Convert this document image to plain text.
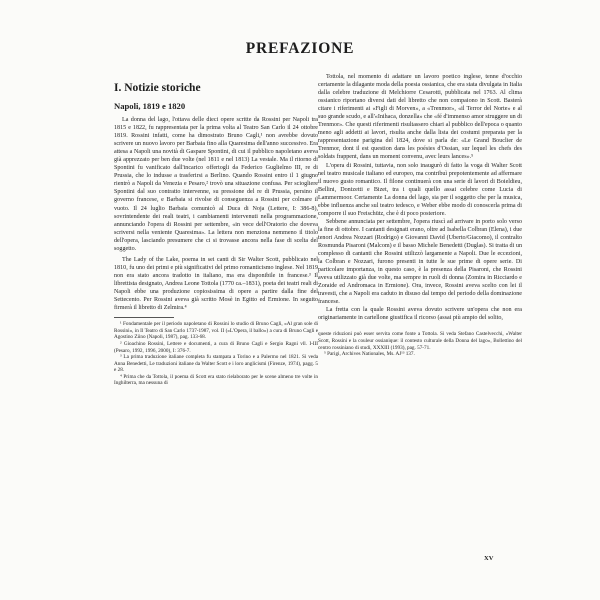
PREFAZIONE
I. Notizie storiche
Napoli, 1819 e 1820

La donna del lago, l'ottava delle dieci opere scritte da Rossini per Napoli tra 1815 e 1822, fu rappresentata per la prima volta al Teatro San Carlo il 24 ottobre 1819. Rossini infatti, come ha dimostrato Bruno Cagli,¹ non avrebbe dovuto scrivere un nuovo lavoro per Barbaia fino alla Quaresima dell'anno successivo. Era attesa a Napoli una novità di Gaspare Spontini, di cui il pubblico napoletano aveva già apprezzato per ben due volte (nel 1811 e nel 1813) La vestale. Ma il ritorno di Spontini fu vanificato dall'incarico offertogli da Federico Guglielmo III, re di Prussia, che lo indusse a trasferirsi a Berlino. Quando Rossini entro il 1 giugno rientrò a Napoli da Venezia e Pesaro,² trovò una situazione confusa. Per sciogliere Spontini dal suo contratto intervenne, su pressione del re di Prussia, persino il governo francese, e Barbaia si rivolse di conseguenza a Rossini per colmare il vuoto. Il 24 luglio Barbaia comunicò al Duca di Noja (Lettere, I: 386-8), sovrintendente dei reali teatri, i cambiamenti intervenuti nella programmazione, annunciando l'opera di Rossini per settembre, «in vece dell'Oratorio che doveva scriversi nella veniente Quaresima». La lettera non menziona nemmeno il titolo dell'opera, lasciando presumere che ci si trovasse ancora nella fase di scelta del soggetto.

The Lady of the Lake, poema in sei canti di Sir Walter Scott, pubblicato nel 1810, fu uno dei primi e più significativi del primo romanticismo inglese. Nel 1819 non era stato ancora tradotto in italiano, ma era disponibile in francese.³ Il librettista designato, Andrea Leone Tottola (1770 ca.–1831), poeta dei teatri reali di Napoli ebbe una produzione copiosissima di opere a partire dalla fine del Settecento. Per Rossini aveva già scritto Mosè in Egitto ed Ermione. In seguito firmerà il libretto di Zelmira.⁴

¹ Fondamentale per il periodo napoletano di Rossini lo studio di Bruno Cagli, «Al gran sole di Rossini», in Il Teatro di San Carlo 1737-1987, vol. II («L'Opera, il ballo») a cura di Bruno Cagli e Agostino Ziino (Napoli, 1987), pag. 133-68.

² Gioachino Rossini, Lettere e documenti, a cura di Bruno Cagli e Sergio Ragni vll. I-III (Pesaro, 1992, 1996, 2000), I: 376-7.

³ La prima traduzione italiane completa fu stampata a Torino e a Palermo nel 1821. Si veda Anna Benedetti, Le traduzioni italiane da Walter Scott e i loro anglicismi (Firenze, 1974), pagg. 5 e 28.

⁴ Prima che da Tottola, il poema di Scott era stato rielaborato per le scene almeno tre volte in Inghilterra, ma nessuna di

Tottola, nel momento di adattare un lavoro poetico inglese, tenne d'occhio certamente la dilagante moda della poesia ossianica, che era stata divulgata in Italia dalla celebre traduzione di Melchiorre Cesarotti, pubblicata nel 1763. Al clima ossianico riportano diversi dati del libretto che non compaiono in Scott. Basterà citare i riferimenti ai «Figli di Morven», a «Trenmor», «il Terror del Norte» e al suo grande scudo, e all'«Inihaca, donzella» che «fé d'immenso amor struggere un di Trenmor». Che questi riferimenti risultassero chiari al pubblico dell'epoca o quanto meno agli addetti ai lavori, risulta anche dalla lista dei costumi preparata per la rappresentazione parigina del 1824, dove si parla de: «Le Grand Bouclier de Trenmor, dont il est question dans les poésies d'Ossian, sur lequel les chefs des soldats frappent, dans un moment convenu, avec leurs lances».⁵

L'opera di Rossini, tuttavia, non solo inaugurò di fatto la voga di Walter Scott nel teatro musicale italiano ed europeo, ma contribuì prepotentemente ad affermare il nuovo gusto romantico. Il filone continuerà con una serie di lavori di Boieldieu, Bellini, Donizetti e Bizet, tra i quali quello assai celebre come Lucia di Lammermoor. Certamente La donna del lago, sia per il soggetto che per la musica, ebbe influenza anche sul teatro tedesco, e Weber ebbe modo di conoscerla prima di comporre il suo Freischütz, che è di poco posteriore.

Sebbene annunciata per settembre, l'opera riuscì ad arrivare in porto solo verso la fine di ottobre. I cantanti designati erano, oltre ad Isabella Colbran (Elena), i due tenori Andrea Nozzari (Rodrigo) e Giovanni David (Uberto/Giacomo), il contralto Rosmunda Pisaroni (Malcom) e il basso Michele Benedetti (Duglas). Si tratta di un complesso di cantanti che Rossini utilizzò largamente a Napoli. Due le eccezioni, la Colbran e Nozzari, furono presenti in tutte le sue prime di opere serie. Di particolare importanza, in questo caso, è la presenza della Pisaroni, che Rossini aveva utilizzato già due volte, ma sempre in ruoli di donna (Zomira in Ricciardo e Zoraide ed Andromaca in Ermione). Ora, invece, Rossini aveva scelto con lei il travesti, che a Napoli era caduto in disuso dal tempo del periodo della dominazione francese.

La fretta con la quale Rossini aveva dovuto scrivere un'opera che non era originariamente in cartellone giustifica il ricorso (assai più ampio del solito,

queste riduzioni può esser servita come fonte a Tottola. Si veda Stefano Castelvecchi, «Walter Scott, Rossini e la couleur ossianique: il contesto culturale della Donna del lago», Bollettino del centro rossiniano di studi, XXXIII (1993), pag. 57-71.

⁵ Parigi, Archives Nationales, Ms. AJ¹³ 137.

XV
